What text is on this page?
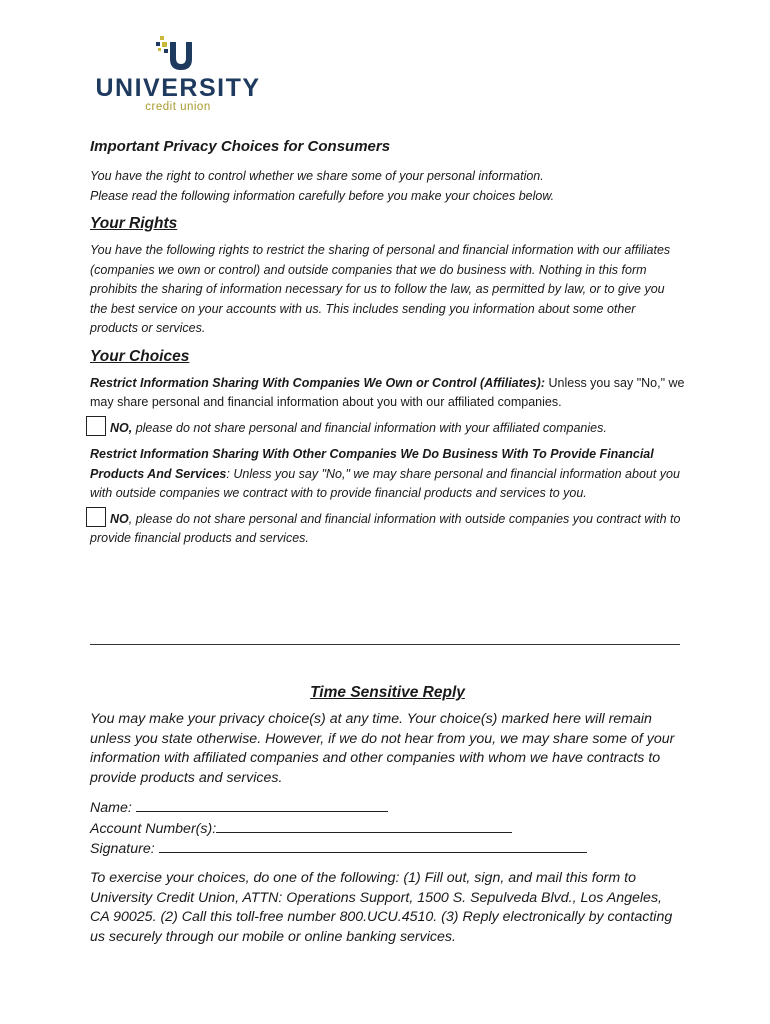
UNIVERSITY
credit union

Important Privacy Choices for Consumers

You have the right to control whether we share some of your personal information.

Please read the following information carefully before you make your choices below.

Your Rights

You have the following rights to restrict the sharing of personal and financial information with our affiliates (companies we own or control) and outside companies that we do business with. Nothing in this form prohibits the sharing of information necessary for us to follow the law, as permitted by law, or to give you the best service on your accounts with us. This includes sending you information about some other products or services.

Your Choices

Restrict Information Sharing With Companies We Own or Control (Affiliates): Unless you say "No," we may share personal and financial information about you with our affiliated companies.

NO, please do not share personal and financial information with your affiliated companies.

Restrict Information Sharing With Other Companies We Do Business With To Provide Financial Products And Services: Unless you say "No," we may share personal and financial information about you with outside companies we contract with to provide financial products and services to you.

NO, please do not share personal and financial information with outside companies you contract with to provide financial products and services.

Time Sensitive Reply

You may make your privacy choice(s) at any time. Your choice(s) marked here will remain unless you state otherwise. However, if we do not hear from you, we may share some of your information with affiliated companies and other companies with whom we have contracts to provide products and services.

Name:

Account Number(s):

Signature:

To exercise your choices, do one of the following: (1) Fill out, sign, and mail this form to University Credit Union, ATTN: Operations Support, 1500 S. Sepulveda Blvd., Los Angeles, CA 90025. (2) Call this toll-free number 800.UCU.4510. (3) Reply electronically by contacting us securely through our mobile or online banking services.
